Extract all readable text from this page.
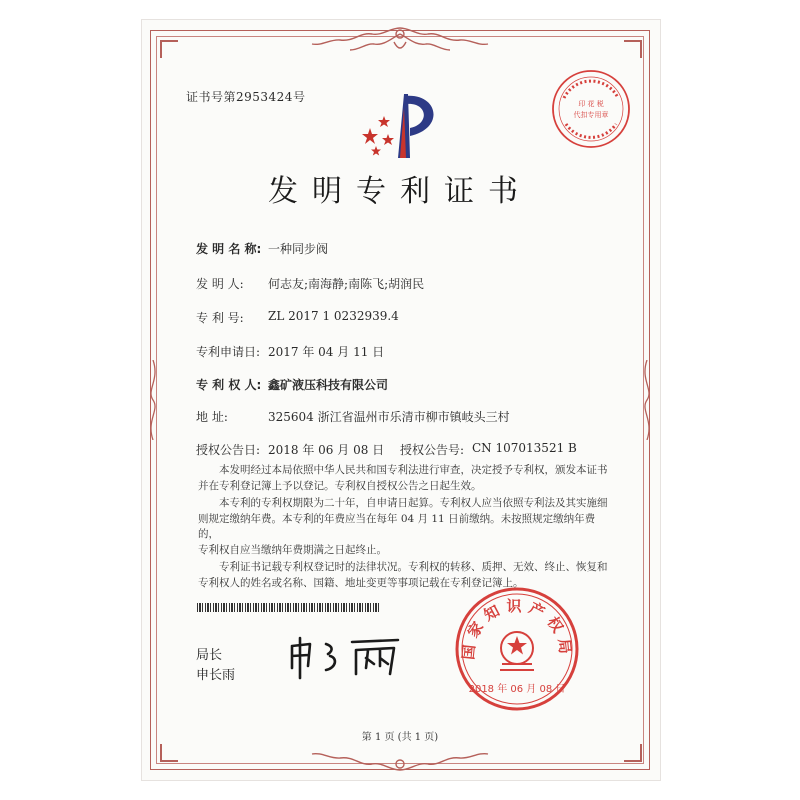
证书号第2953424号	印 花 税
代扣专用章
发明专利证书
发 明 名 称: 一种同步阀
发 明 人: 何志友;南海静;南陈飞;胡润民
专 利 号: ZL 2017 1 0232939.4
专利申请日: 2017 年 04 月 11 日
专 利 权 人: 鑫矿液压科技有限公司
地 址:	325604 浙江省温州市乐清市柳市镇岐头三村
授权公告日: 2018 年 06 月 08 日 授权公告号: CN 107013521 B
本发明经过本局依照中华人民共和国专利法进行审查，决定授予专利权，颁发本证书
并在专利登记簿上予以登记。专利权自授权公告之日起生效。
本专利的专利权期限为二十年，自申请日起算。专利权人应当依照专利法及其实施细
则规定缴纳年费。本专利的年费应当在每年 04 月 11 日前缴纳。未按照规定缴纳年费的，
专利权自应当缴纳年费期满之日起终止。
专利证书记载专利权登记时的法律状况。专利权的转移、质押、无效、终止、恢复和
专利权人的姓名或名称、国籍、地址变更等事项记载在专利登记簿上。
局长
申长雨
国家知识产权局
2018 年 06 月 08 日
第 1 页 (共 1 页)
